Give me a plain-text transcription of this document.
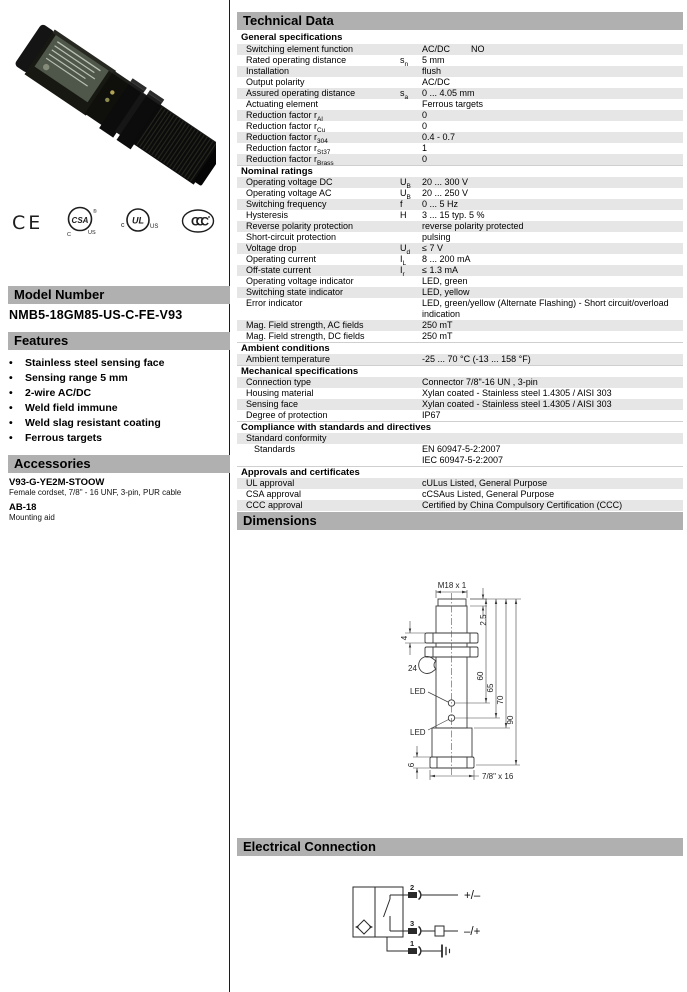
CE	CSA
®
C	US
c UL
US	CCC
Model Number
NMB5-18GM85-US-C-FE-V93
Features
•	Stainless steel sensing face
•	Sensing range 5 mm
•	2-wire AC/DC
•	Weld field immune
•	Weld slag resistant coating
•	Ferrous targets
Accessories
V93-G-YE2M-STOOW
Female cordset, 7/8" - 16 UNF, 3-pin, PUR cable
AB-18
Mounting aid
Technical Data
General specifications
Switching element function	AC/DC NO
Rated operating distance	$s_n$	5 mm
Installation	flush
Output polarity	AC/DC
Assured operating distance	$s_a$	0 ... 4.05 mm
Actuating element	Ferrous targets
Reduction factor $r_{Al}$	0
Reduction factor $r_{Cu}$	0
Reduction factor $r_{304}$	0.4 - 0.7
Reduction factor $r_{St37}$	1
Reduction factor $r_{Brass}$	0
Nominal ratings
Operating voltage DC	$U_B$	20 ... 300 V
Operating voltage AC	$U_B$	20 ... 250 V
Switching frequency	f	0 ... 5 Hz
Hysteresis	H	3 ... 15 typ. 5 %
Reverse polarity protection	reverse polarity protected
Short-circuit protection	pulsing
Voltage drop	$U_d$	≤ 7 V
Operating current	$I_L$	8 ... 200 mA
Off-state current	$I_r$	≤ 1.3 mA
Operating voltage indicator	LED, green
Switching state indicator	LED, yellow
Error indicator	LED, green/yellow (Alternate Flashing) - Short circuit/overload indication
Mag. Field strength, AC fields	250 mT
Mag. Field strength, DC fields	250 mT
Ambient conditions
Ambient temperature	-25 ... 70 °C (-13 ... 158 °F)
Mechanical specifications
Connection type	Connector 7/8"-16 UN , 3-pin
Housing material	Xylan coated - Stainless steel 1.4305 / AISI 303
Sensing face	Xylan coated - Stainless steel 1.4305 / AISI 303
Degree of protection	IP67
Compliance with standards and directives
Standard conformity
Standards	EN 60947-5-2:2007
IEC 60947-5-2:2007
Approvals and certificates
UL approval	cULus Listed, General Purpose
CSA approval	cCSAus Listed, General Purpose
CCC approval	Certified by China Compulsory Certification (CCC)
Dimensions
M18 x 1
2.5
4
24
LED
LED
60
65
70
90
6
7/8" x 16
Electrical Connection
2
3
1
+/–
–/+
